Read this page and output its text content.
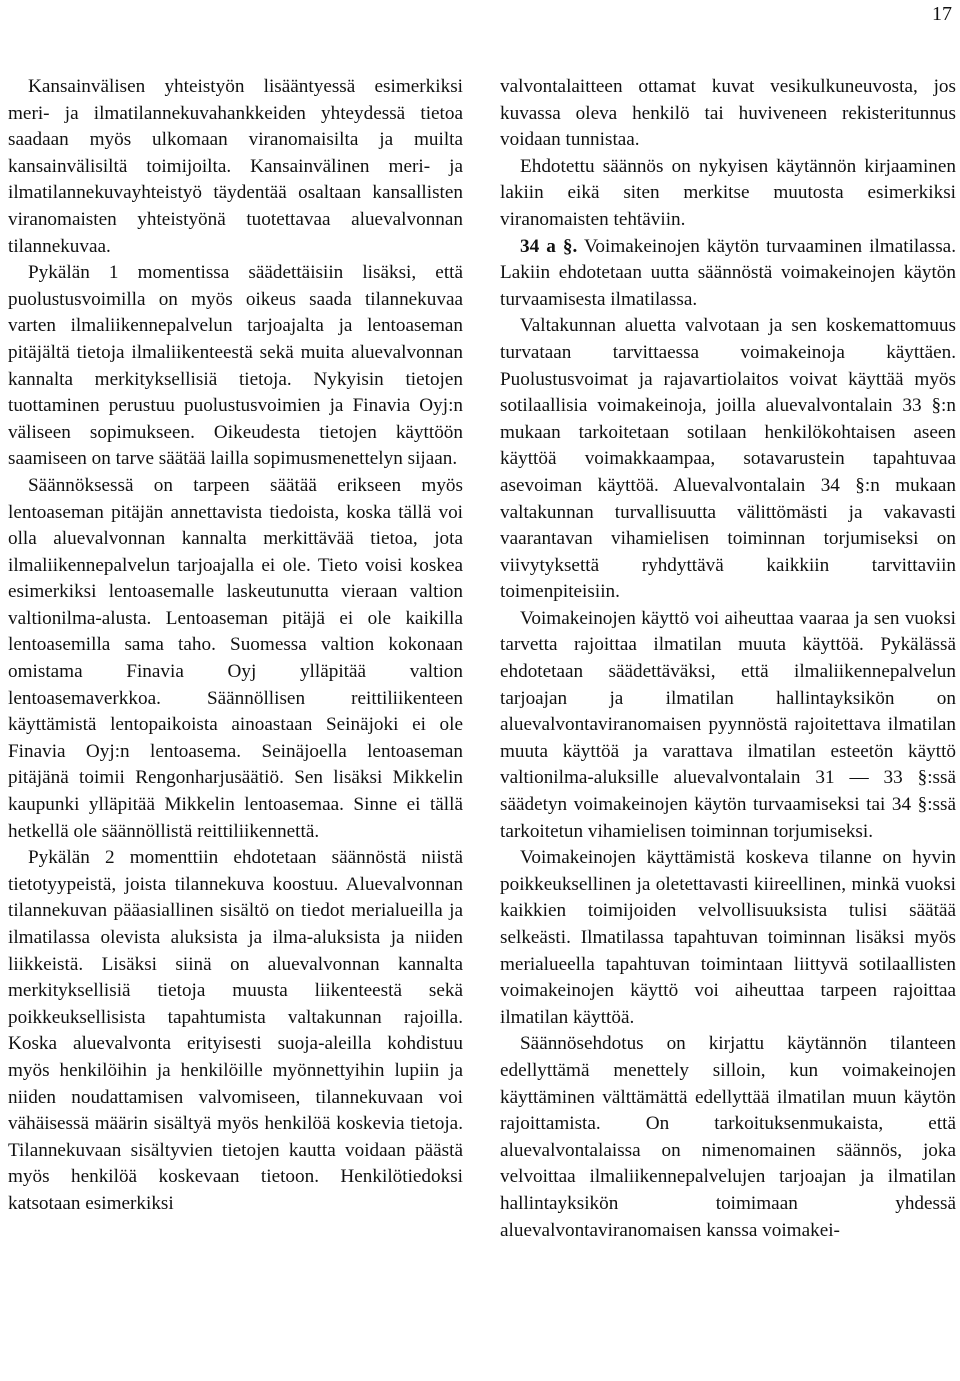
17

Kansainvälisen yhteistyön lisääntyessä esimerkiksi meri- ja ilmatilannekuvahankkeiden yhteydessä tietoa saadaan myös ulkomaan viranomaisilta ja muilta kansainvälisiltä toimijoilta. Kansainvälinen meri- ja ilmatilannekuvayhteistyö täydentää osaltaan kansallisten viranomaisten yhteistyönä tuotettavaa aluevalvonnan tilannekuvaa.

Pykälän 1 momentissa säädettäisiin lisäksi, että puolustusvoimilla on myös oikeus saada tilannekuvaa varten ilmaliikennepalvelun tarjoajalta ja lentoaseman pitäjältä tietoja ilmaliikenteestä sekä muita aluevalvonnan kannalta merkityksellisiä tietoja. Nykyisin tietojen tuottaminen perustuu puolustusvoimien ja Finavia Oyj:n väliseen sopimukseen. Oikeudesta tietojen käyttöön saamiseen on tarve säätää lailla sopimusmenettelyn sijaan.

Säännöksessä on tarpeen säätää erikseen myös lentoaseman pitäjän annettavista tiedoista, koska tällä voi olla aluevalvonnan kannalta merkittävää tietoa, jota ilmaliikennepalvelun tarjoajalla ei ole. Tieto voisi koskea esimerkiksi lentoasemalle laskeutunutta vieraan valtion valtionilma-alusta. Lentoaseman pitäjä ei ole kaikilla lentoasemilla sama taho. Suomessa valtion kokonaan omistama Finavia Oyj ylläpitää valtion lentoasemaverkkoa. Säännöllisen reittiliikenteen käyttämistä lentopaikoista ainoastaan Seinäjoki ei ole Finavia Oyj:n lentoasema. Seinäjoella lentoaseman pitäjänä toimii Rengonharjusäätiö. Sen lisäksi Mikkelin kaupunki ylläpitää Mikkelin lentoasemaa. Sinne ei tällä hetkellä ole säännöllistä reittiliikennettä.

Pykälän 2 momenttiin ehdotetaan säännöstä niistä tietotyypeistä, joista tilannekuva koostuu. Aluevalvonnan tilannekuvan pääasiallinen sisältö on tiedot merialueilla ja ilmatilassa olevista aluksista ja ilma-aluksista ja niiden liikkeistä. Lisäksi siinä on aluevalvonnan kannalta merkityksellisiä tietoja muusta liikenteestä sekä poikkeuksellisista tapahtumista valtakunnan rajoilla. Koska aluevalvonta erityisesti suoja-aleilla kohdistuu myös henkilöihin ja henkilöille myönnettyihin lupiin ja niiden noudattamisen valvomiseen, tilannekuvaan voi vähäisessä määrin sisältyä myös henkilöä koskevia tietoja. Tilannekuvaan sisältyvien tietojen kautta voidaan päästä myös henkilöä koskevaan tietoon. Henkilötiedoksi katsotaan esimerkiksi

valvontalaitteen ottamat kuvat vesikulkuneuvosta, jos kuvassa oleva henkilö tai huviveneen rekisteritunnus voidaan tunnistaa.

Ehdotettu säännös on nykyisen käytännön kirjaaminen lakiin eikä siten merkitse muutosta esimerkiksi viranomaisten tehtäviin.

34 a §. Voimakeinojen käytön turvaaminen ilmatilassa. Lakiin ehdotetaan uutta säännöstä voimakeinojen käytön turvaamisesta ilmatilassa.

Valtakunnan aluetta valvotaan ja sen koskemattomuus turvataan tarvittaessa voimakeinoja käyttäen. Puolustusvoimat ja rajavartiolaitos voivat käyttää myös sotilaallisia voimakeinoja, joilla aluevalvontalain 33 §:n mukaan tarkoitetaan sotilaan henkilökohtaisen aseen käyttöä voimakkaampaa, sotavarustein tapahtuvaa asevoiman käyttöä. Aluevalvontalain 34 §:n mukaan valtakunnan turvallisuutta välittömästi ja vakavasti vaarantavan vihamielisen toiminnan torjumiseksi on viivytyksettä ryhdyttävä kaikkiin tarvittaviin toimenpiteisiin.

Voimakeinojen käyttö voi aiheuttaa vaaraa ja sen vuoksi tarvetta rajoittaa ilmatilan muuta käyttöä. Pykälässä ehdotetaan säädettäväksi, että ilmaliikennepalvelun tarjoajan ja ilmatilan hallintayksikön on aluevalvontaviranomaisen pyynnöstä rajoitettava ilmatilan muuta käyttöä ja varattava ilmatilan esteetön käyttö valtionilma-aluksille aluevalvontalain 31 — 33 §:ssä säädetyn voimakeinojen käytön turvaamiseksi tai 34 §:ssä tarkoitetun vihamielisen toiminnan torjumiseksi.

Voimakeinojen käyttämistä koskeva tilanne on hyvin poikkeuksellinen ja oletettavasti kiireellinen, minkä vuoksi kaikkien toimijoiden velvollisuuksista tulisi säätää selkeästi. Ilmatilassa tapahtuvan toiminnan lisäksi myös merialueella tapahtuvan toimintaan liittyvä sotilaallisten voimakeinojen käyttö voi aiheuttaa tarpeen rajoittaa ilmatilan käyttöä.

Säännösehdotus on kirjattu käytännön tilanteen edellyttämä menettely silloin, kun voimakeinojen käyttäminen välttämättä edellyttää ilmatilan muun käytön rajoittamista. On tarkoituksenmukaista, että aluevalvontalaissa on nimenomainen säännös, joka velvoittaa ilmaliikennepalvelujen tarjoajan ja ilmatilan hallintayksikön toimimaan yhdessä aluevalvontaviranomaisen kanssa voimakei-
